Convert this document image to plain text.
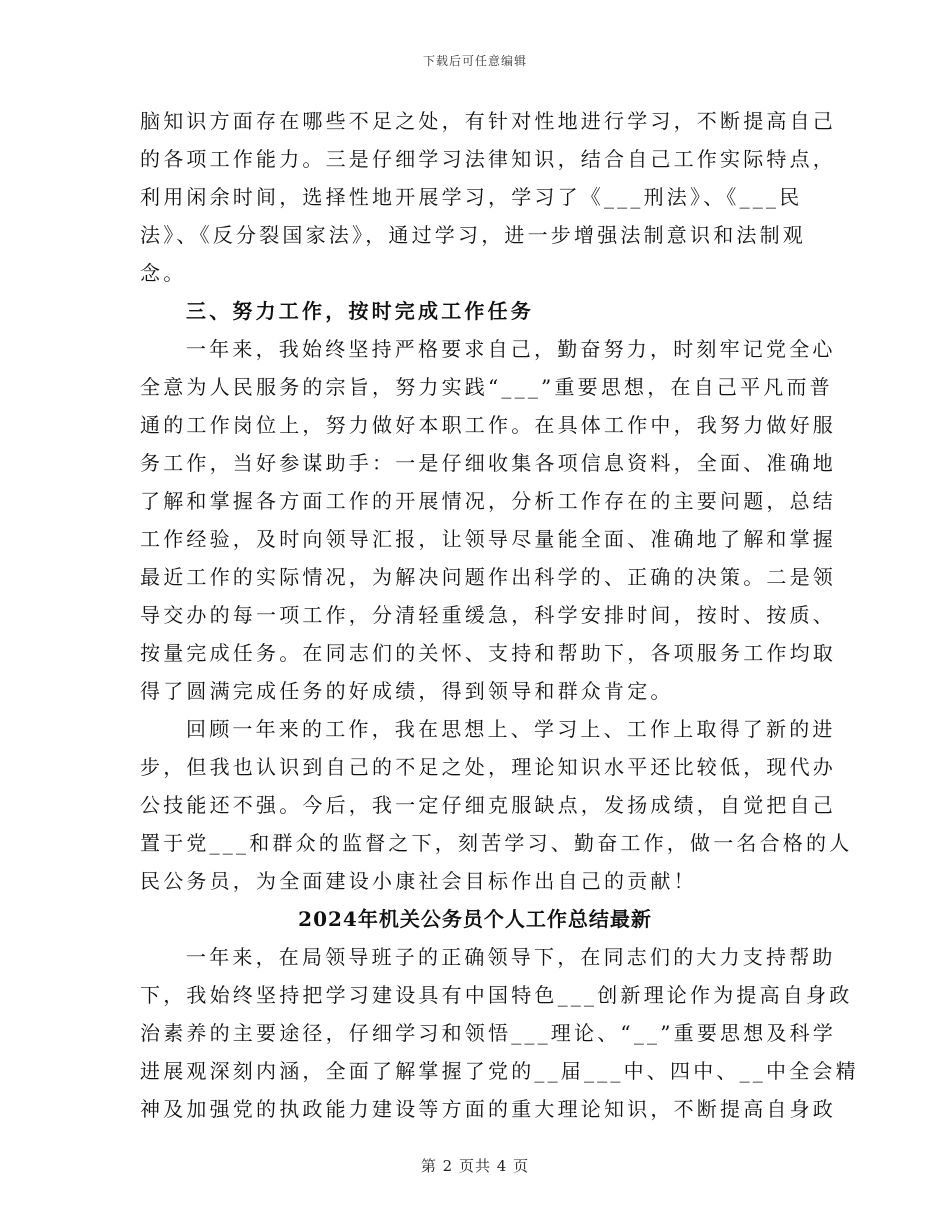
下载后可任意编辑
脑知识方面存在哪些不足之处，有针对性地进行学习，不断提高自己
的各项工作能力。三是仔细学习法律知识，结合自己工作实际特点，
利用闲余时间，选择性地开展学习，学习了《___刑法》、《___民
法》、《反分裂国家法》，通过学习，进一步增强法制意识和法制观
念。
三、努力工作，按时完成工作任务
一年来，我始终坚持严格要求自己，勤奋努力，时刻牢记党全心
全意为人民服务的宗旨，努力实践“___”重要思想，在自己平凡而普
通的工作岗位上，努力做好本职工作。在具体工作中，我努力做好服
务工作，当好参谋助手：一是仔细收集各项信息资料，全面、准确地
了解和掌握各方面工作的开展情况，分析工作存在的主要问题，总结
工作经验，及时向领导汇报，让领导尽量能全面、准确地了解和掌握
最近工作的实际情况，为解决问题作出科学的、正确的决策。二是领
导交办的每一项工作，分清轻重缓急，科学安排时间，按时、按质、
按量完成任务。在同志们的关怀、支持和帮助下，各项服务工作均取
得了圆满完成任务的好成绩，得到领导和群众肯定。
回顾一年来的工作，我在思想上、学习上、工作上取得了新的进
步，但我也认识到自己的不足之处，理论知识水平还比较低，现代办
公技能还不强。今后，我一定仔细克服缺点，发扬成绩，自觉把自己
置于党___和群众的监督之下，刻苦学习、勤奋工作，做一名合格的人
民公务员，为全面建设小康社会目标作出自己的贡献！
2024年机关公务员个人工作总结最新
一年来，在局领导班子的正确领导下，在同志们的大力支持帮助
下，我始终坚持把学习建设具有中国特色___创新理论作为提高自身政
治素养的主要途径，仔细学习和领悟___理论、“__”重要思想及科学
进展观深刻内涵，全面了解掌握了党的__届___中、四中、__中全会精
神及加强党的执政能力建设等方面的重大理论知识，不断提高自身政
第 2 页共 4 页
